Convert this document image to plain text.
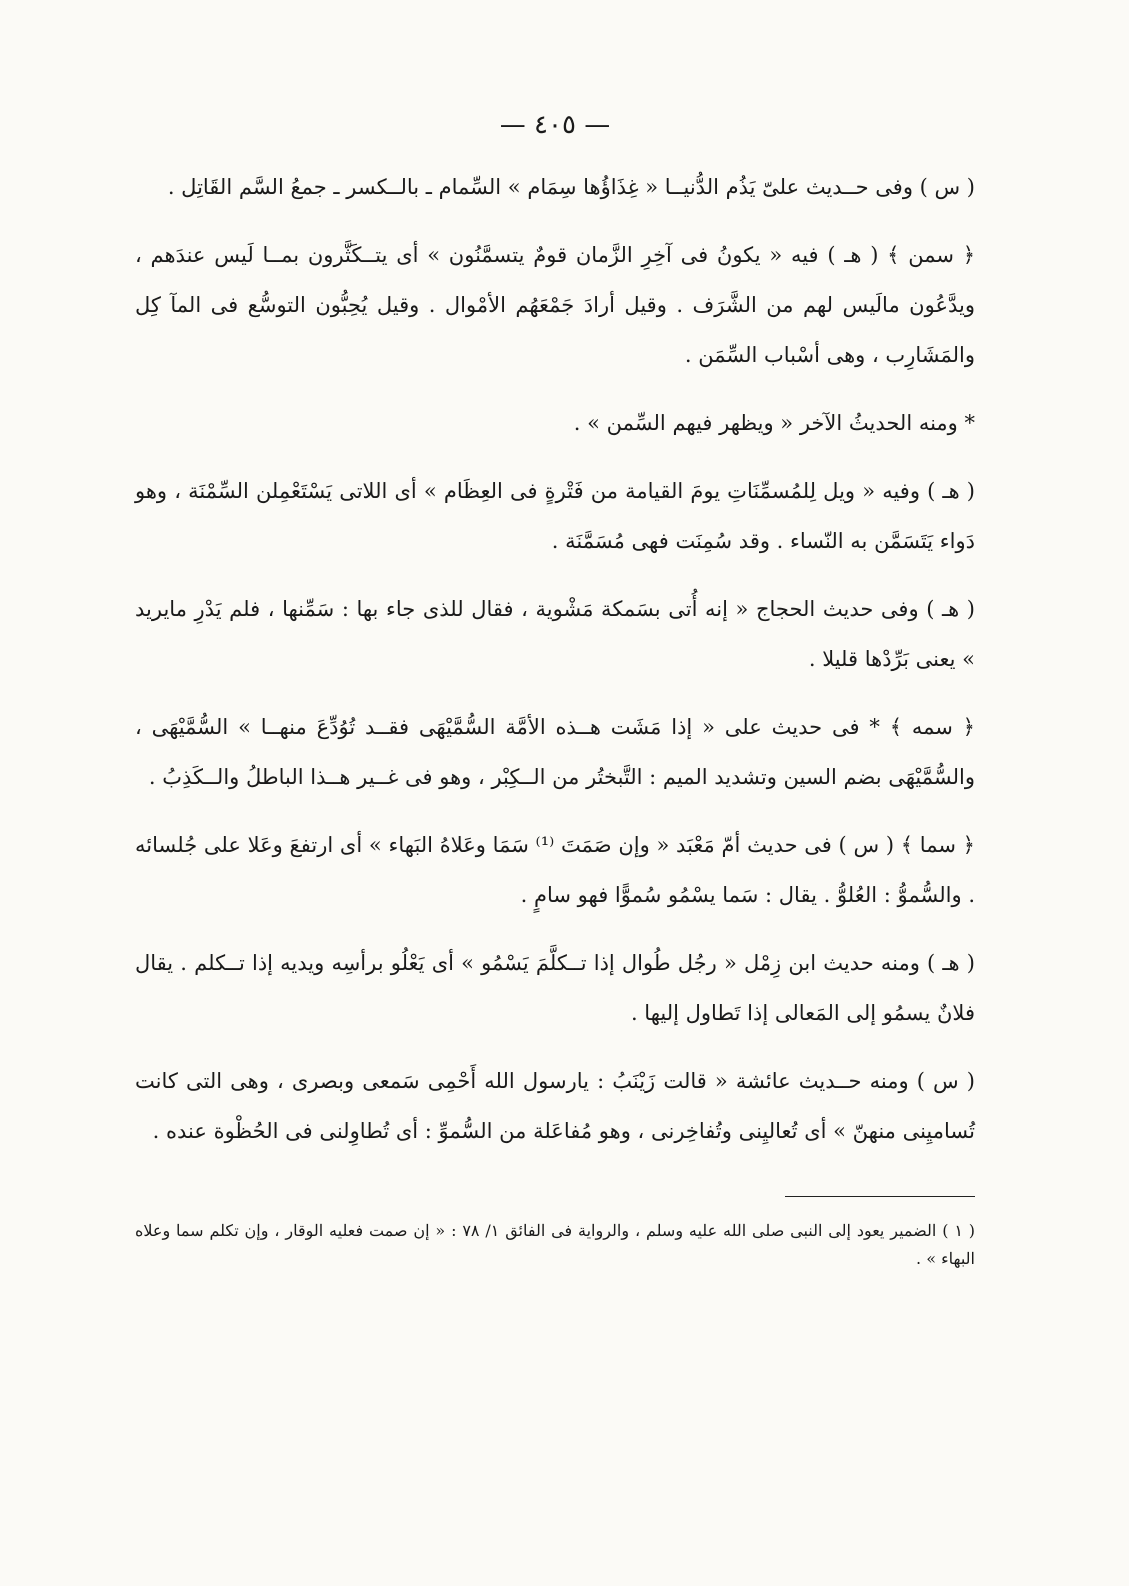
— ٤٠٥ —

( س ) وفى حــديث علىّ يَذُم الدُّنيــا « غِذَاؤُها سِمَام » السِّمام ـ بالــكسر ـ جمعُ السَّم القَاتِل .

﴿ سمن ﴾ ( هـ ) فيه « يكونُ فى آخِرِ الزَّمان قومٌ يتسمَّنُون » أى يتــكَثَّرون بمــا لَيس عندَهم ، ويدَّعُون مالَيس لهم من الشَّرَف . وقيل أرادَ جَمْعَهُم الأمْوال . وقيل يُحِبُّون التوسُّع فى المآ كِل والمَشَارِب ، وهى أسْباب السِّمَن .

* ومنه الحديثُ الآخر « ويظهر فيهم السِّمن » .

( هـ ) وفيه « ويل لِلمُسمِّنَاتِ يومَ القيامة من فَتْرةٍ فى العِظَام » أى اللاتى يَسْتَعْمِلن السِّمْنَة ، وهو دَواء يَتَسَمَّن به النّساء . وقد سُمِنَت فهى مُسَمَّنَة .

( هـ ) وفى حديث الحجاج « إنه أُتى بسَمكة مَشْوية ، فقال للذى جاء بها : سَمِّنها ، فلم يَدْرِ مايريد » يعنى بَرِّدْها قليلا .

﴿ سمه ﴾ * فى حديث على « إذا مَشَت هــذه الأمَّة السُّمَّيْهَى فقــد تُوُدِّعَ منهــا » السُّمَّيْهَى ، والسُّمَّيْهَى بضم السين وتشديد الميم : التَّبختُر من الــكِبْر ، وهو فى غــير هــذا الباطلُ والــكَذِبُ .

﴿ سما ﴾ ( س ) فى حديث أمّ مَعْبَد « وإن صَمَتَ ⁽¹⁾ سَمَا وعَلاهُ البَهاء » أى ارتفعَ وعَلا على جُلسائه . والسُّموُّ : العُلوُّ . يقال : سَما يسْمُو سُموًّا فهو سامٍ .

( هـ ) ومنه حديث ابن زِمْل « رجُل طُوال إذا تــكلَّمَ يَسْمُو » أى يَعْلُو برأسِه ويديه إذا تــكلم . يقال فلانٌ يسمُو إلى المَعالى إذا تَطاول إليها .

( س ) ومنه حــديث عائشة « قالت زَيْنَبُ : يارسول الله أَحْمِى سَمعى وبصرى ، وهى التى كانت تُساميِنى منهنّ » أى تُعاليِنى وتُفاخِرنى ، وهو مُفاعَلة من السُّموِّ : أى تُطاوِلنى فى الحُظْوة عنده .

( ١ ) الضمير يعود إلى النبى صلى الله عليه وسلم ، والرواية فى الفائق ١/ ٧٨ : « إن صمت فعليه الوقار ، وإن تكلم سما وعلاه البهاء » .
